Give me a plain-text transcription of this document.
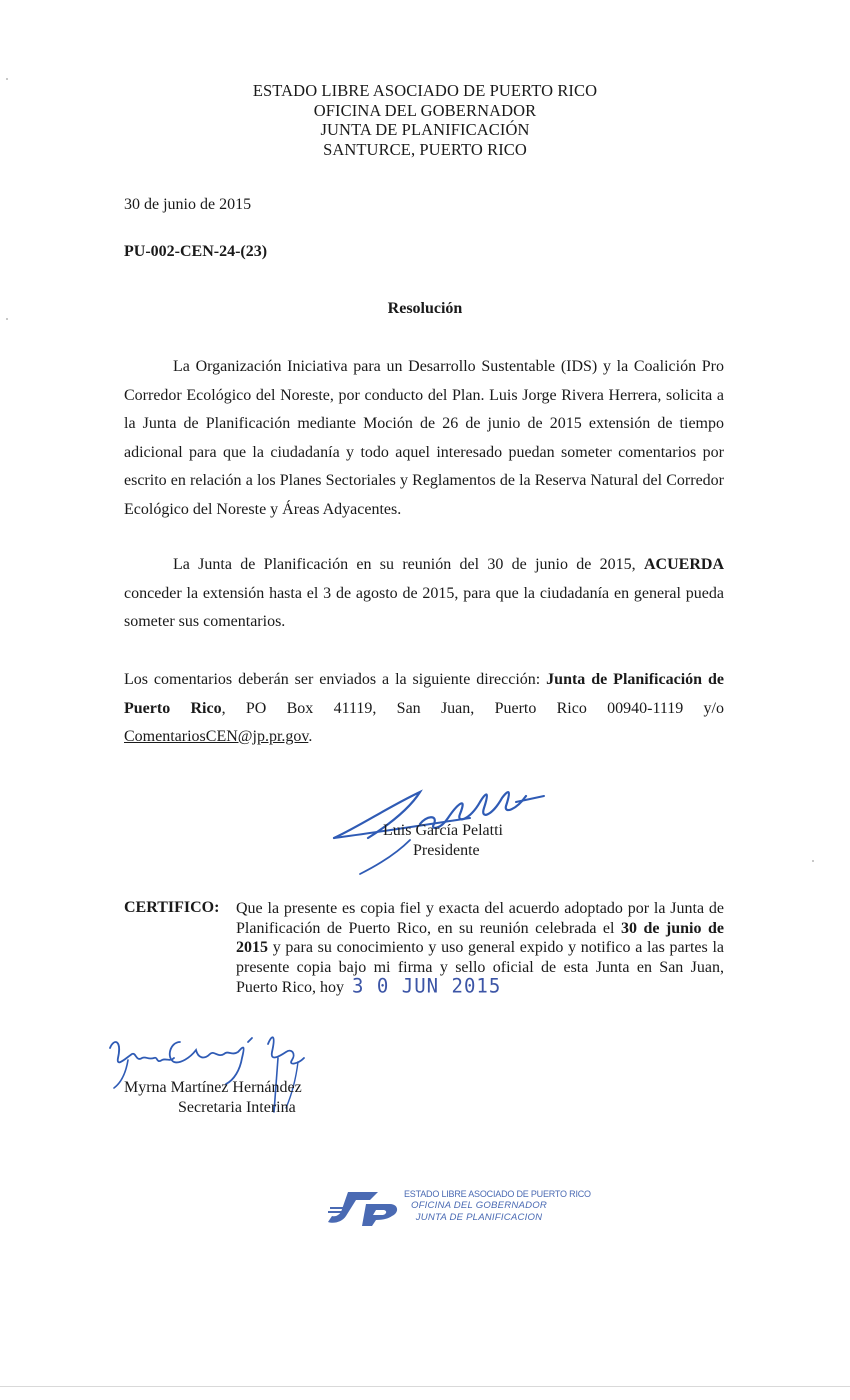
ESTADO LIBRE ASOCIADO DE PUERTO RICO
OFICINA DEL GOBERNADOR
JUNTA DE PLANIFICACIÓN
SANTURCE, PUERTO RICO
30 de junio de 2015
PU-002-CEN-24-(23)
Resolución
La Organización Iniciativa para un Desarrollo Sustentable (IDS) y la Coalición Pro Corredor Ecológico del Noreste, por conducto del Plan. Luis Jorge Rivera Herrera, solicita a la Junta de Planificación mediante Moción de 26 de junio de 2015 extensión de tiempo adicional para que la ciudadanía y todo aquel interesado puedan someter comentarios por escrito en relación a los Planes Sectoriales y Reglamentos de la Reserva Natural del Corredor Ecológico del Noreste y Áreas Adyacentes.
La Junta de Planificación en su reunión del 30 de junio de 2015, ACUERDA conceder la extensión hasta el 3 de agosto de 2015, para que la ciudadanía en general pueda someter sus comentarios.
Los comentarios deberán ser enviados a la siguiente dirección: Junta de Planificación de Puerto Rico, PO Box 41119, San Juan, Puerto Rico 00940-1119 y/o ComentariosCEN@jp.pr.gov.
Luis García Pelatti
Presidente
CERTIFICO: Que la presente es copia fiel y exacta del acuerdo adoptado por la Junta de Planificación de Puerto Rico, en su reunión celebrada el 30 de junio de 2015 y para su conocimiento y uso general expido y notifico a las partes la presente copia bajo mi firma y sello oficial de esta Junta en San Juan, Puerto Rico, hoy 3 0 JUN 2015
Myrna Martínez Hernández
Secretaria Interina
ESTADO LIBRE ASOCIADO DE PUERTO RICO
OFICINA DEL GOBERNADOR
JUNTA DE PLANIFICACION
